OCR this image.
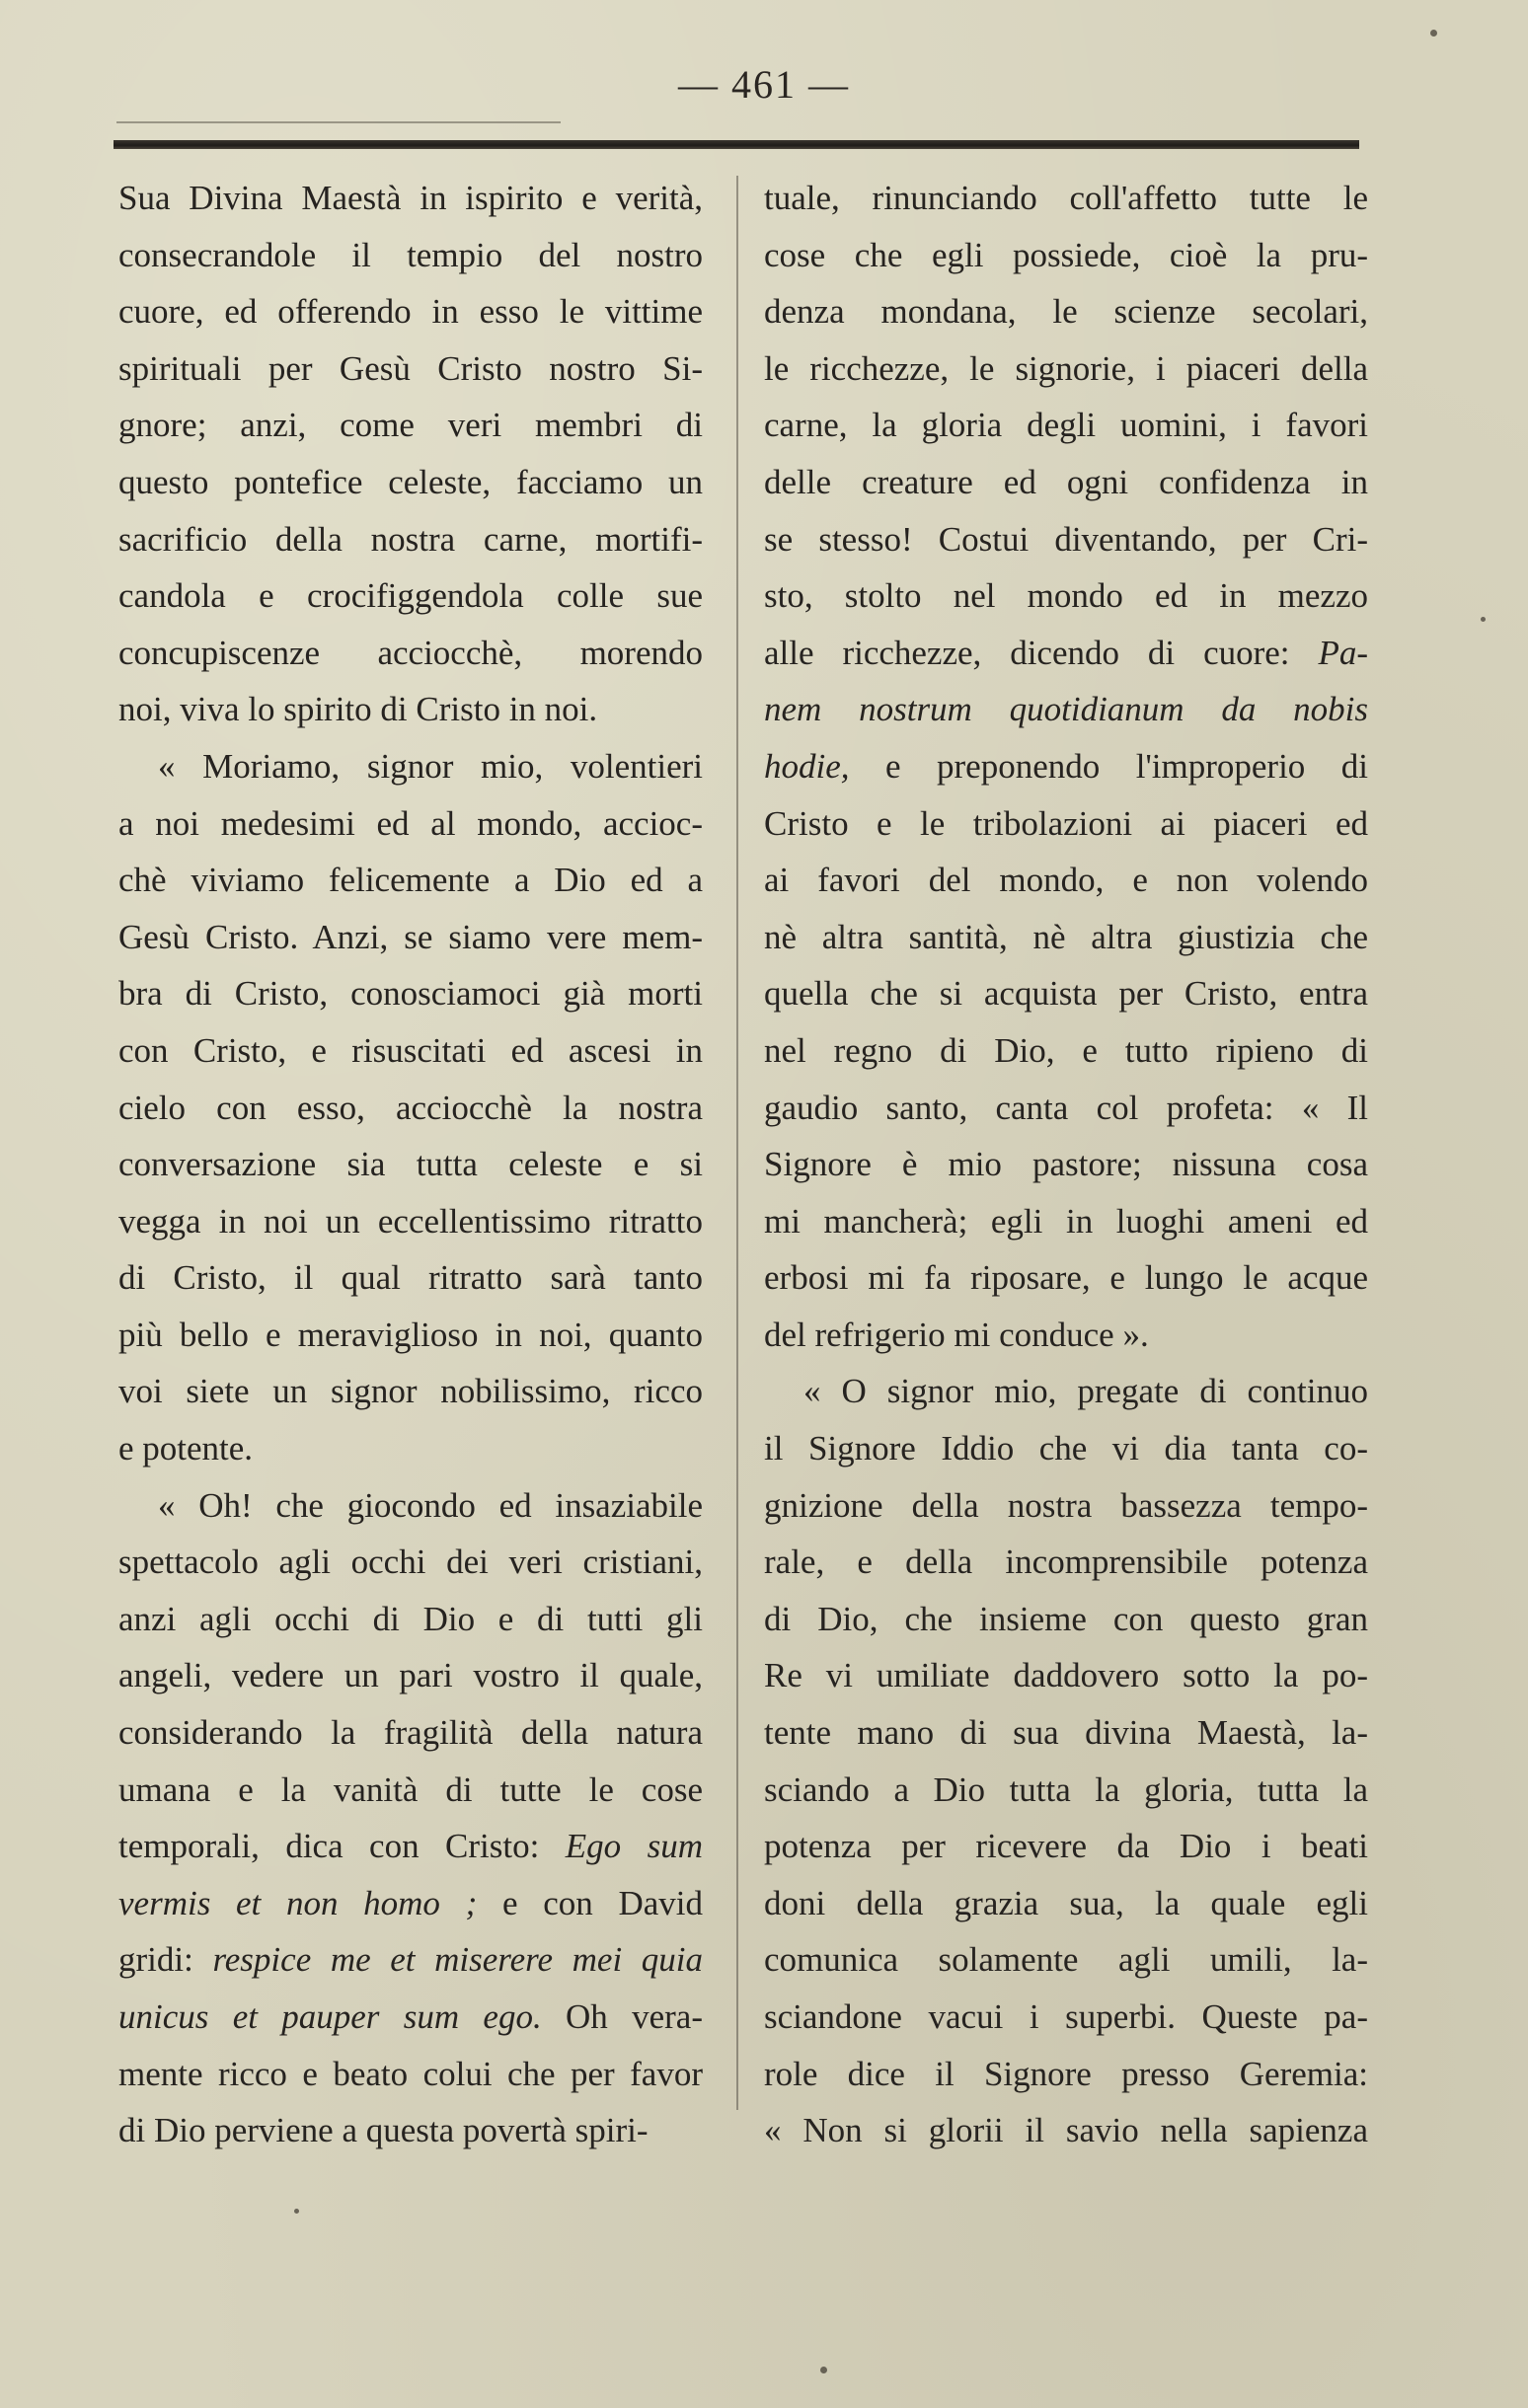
— 461 —
Sua Divina Maestà in ispirito e verità,
consecrandole il tempio del nostro
cuore, ed offerendo in esso le vittime
spirituali per Gesù Cristo nostro Si-
gnore; anzi, come veri membri di
questo pontefice celeste, facciamo un
sacrificio della nostra carne, mortifi-
candola e crocifiggendola colle sue
concupiscenze acciocchè, morendo
noi, viva lo spirito di Cristo in noi.
« Moriamo, signor mio, volentieri
a noi medesimi ed al mondo, accioc-
chè viviamo felicemente a Dio ed a
Gesù Cristo. Anzi, se siamo vere mem-
bra di Cristo, conosciamoci già morti
con Cristo, e risuscitati ed ascesi in
cielo con esso, acciocchè la nostra
conversazione sia tutta celeste e si
vegga in noi un eccellentissimo ritratto
di Cristo, il qual ritratto sarà tanto
più bello e meraviglioso in noi, quanto
voi siete un signor nobilissimo, ricco
e potente.
« Oh! che giocondo ed insaziabile
spettacolo agli occhi dei veri cristiani,
anzi agli occhi di Dio e di tutti gli
angeli, vedere un pari vostro il quale,
considerando la fragilità della natura
umana e la vanità di tutte le cose
temporali, dica con Cristo: Ego sum
vermis et non homo ; e con David
gridi: respice me et miserere mei quia
unicus et pauper sum ego. Oh vera-
mente ricco e beato colui che per favor
di Dio perviene a questa povertà spiri-
tuale, rinunciando coll'affetto tutte le
cose che egli possiede, cioè la pru-
denza mondana, le scienze secolari,
le ricchezze, le signorie, i piaceri della
carne, la gloria degli uomini, i favori
delle creature ed ogni confidenza in
se stesso! Costui diventando, per Cri-
sto, stolto nel mondo ed in mezzo
alle ricchezze, dicendo di cuore: Pa-
nem nostrum quotidianum da nobis
hodie, e preponendo l'improperio di
Cristo e le tribolazioni ai piaceri ed
ai favori del mondo, e non volendo
nè altra santità, nè altra giustizia che
quella che si acquista per Cristo, entra
nel regno di Dio, e tutto ripieno di
gaudio santo, canta col profeta: « Il
Signore è mio pastore; nissuna cosa
mi mancherà; egli in luoghi ameni ed
erbosi mi fa riposare, e lungo le acque
del refrigerio mi conduce ».
« O signor mio, pregate di continuo
il Signore Iddio che vi dia tanta co-
gnizione della nostra bassezza tempo-
rale, e della incomprensibile potenza
di Dio, che insieme con questo gran
Re vi umiliate daddovero sotto la po-
tente mano di sua divina Maestà, la-
sciando a Dio tutta la gloria, tutta la
potenza per ricevere da Dio i beati
doni della grazia sua, la quale egli
comunica solamente agli umili, la-
sciandone vacui i superbi. Queste pa-
role dice il Signore presso Geremia:
« Non si glorii il savio nella sapienza
